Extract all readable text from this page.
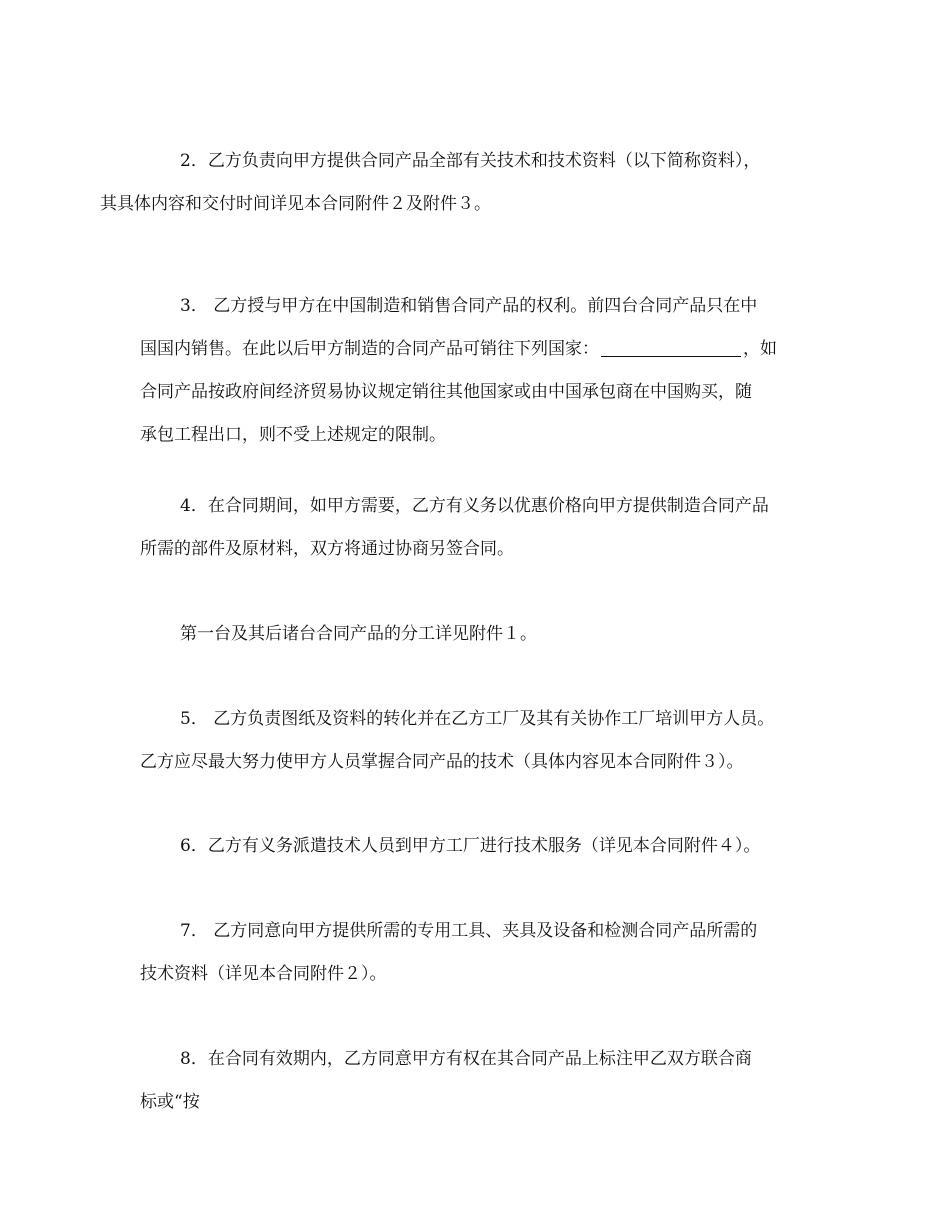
2．乙方负责向甲方提供合同产品全部有关技术和技术资料（以下简称资料），
其具体内容和交付时间详见本合同附件２及附件３。
3． 乙方授与甲方在中国制造和销售合同产品的权利。前四台合同产品只在中
国国内销售。在此以后甲方制造的合同产品可销往下列国家：	，如
合同产品按政府间经济贸易协议规定销往其他国家或由中国承包商在中国购买，随
承包工程出口，则不受上述规定的限制。
4．在合同期间，如甲方需要，乙方有义务以优惠价格向甲方提供制造合同产品
所需的部件及原材料，双方将通过协商另签合同。
第一台及其后诸台合同产品的分工详见附件１。
5． 乙方负责图纸及资料的转化并在乙方工厂及其有关协作工厂培训甲方人员。
乙方应尽最大努力使甲方人员掌握合同产品的技术（具体内容见本合同附件３）。
6．乙方有义务派遣技术人员到甲方工厂进行技术服务（详见本合同附件４）。
7． 乙方同意向甲方提供所需的专用工具、夹具及设备和检测合同产品所需的
技术资料（详见本合同附件２）。
8．在合同有效期内，乙方同意甲方有权在其合同产品上标注甲乙双方联合商
标或“按
